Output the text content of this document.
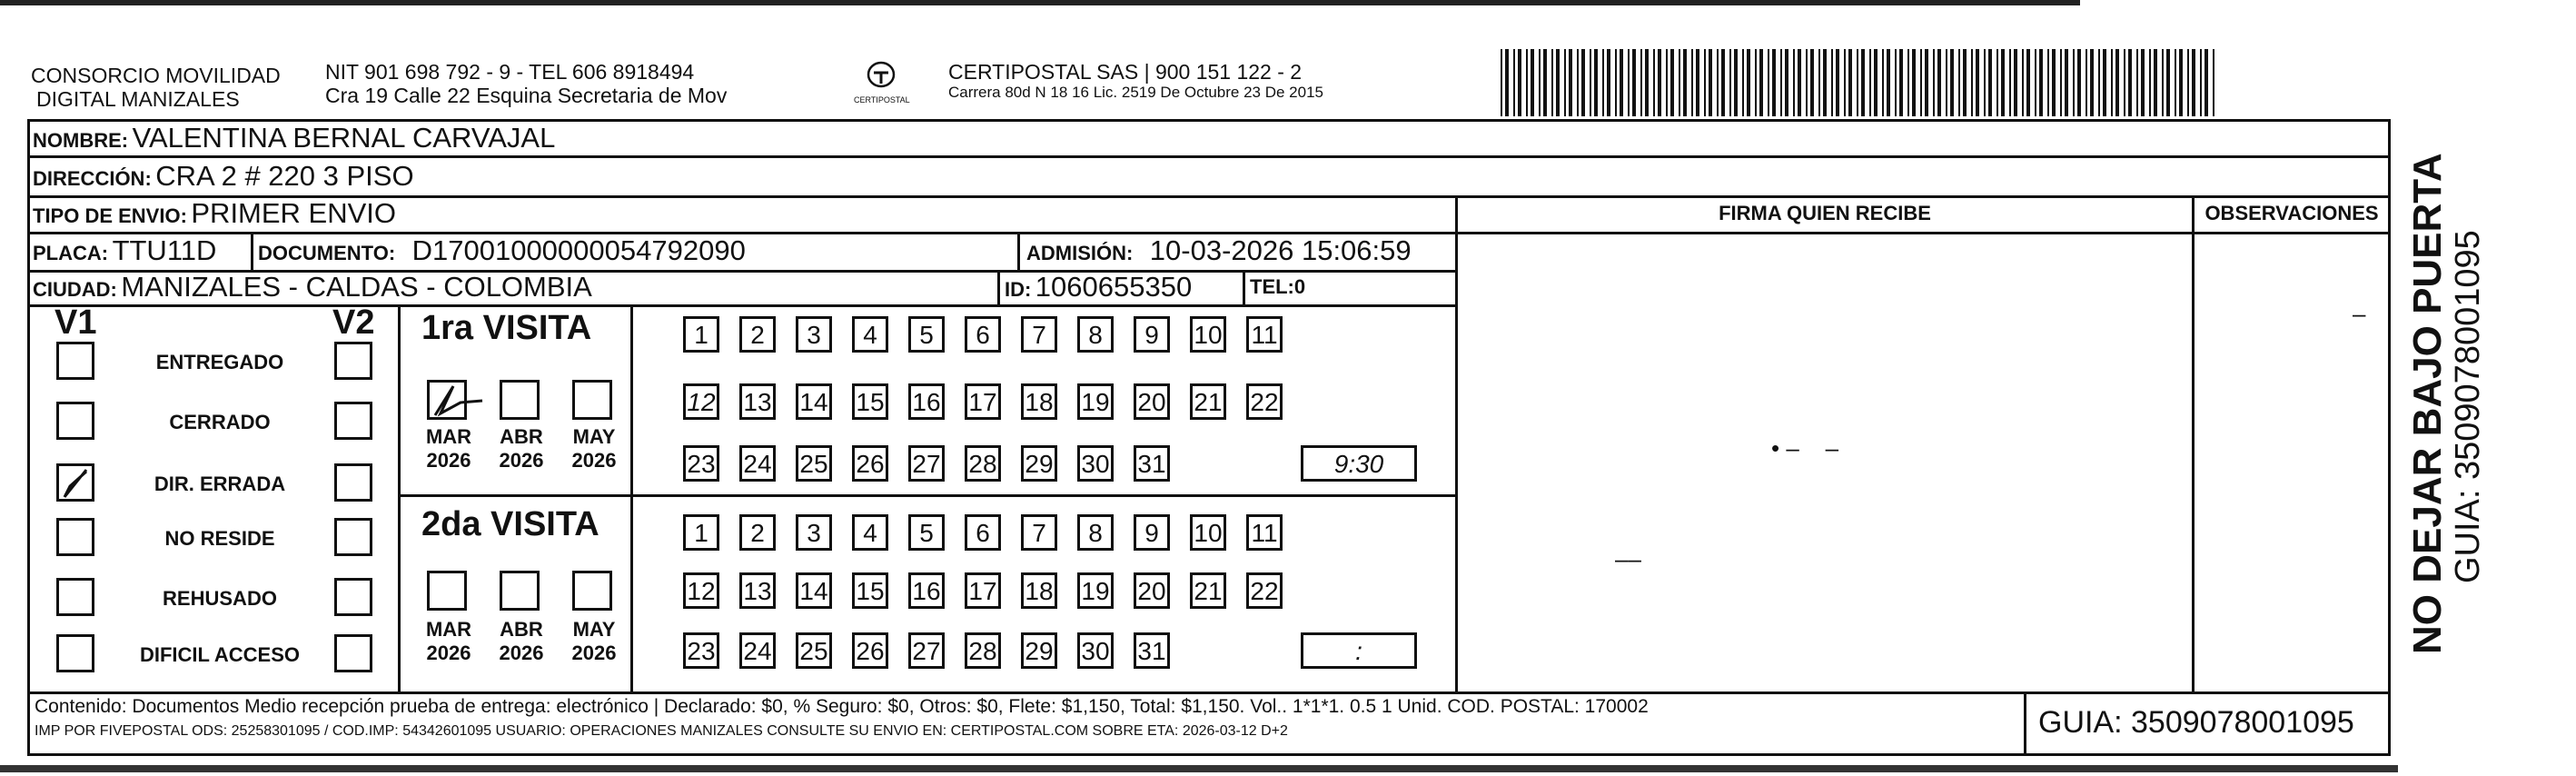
CONSORCIO MOVILIDAD
DIGITAL MANIZALES
NIT 901 698 792 - 9 - TEL 606 8918494
Cra 19 Calle 22 Esquina Secretaria de Mov	CERTIPOSTAL
CERTIPOSTAL SAS | 900 151 122 - 2
Carrera 80d N 18 16 Lic. 2519 De Octubre 23 De 2015
NOMBRE: VALENTINA BERNAL CARVAJAL
DIRECCIÓN: CRA 2 # 220 3 PISO
TIPO DE ENVIO: PRIMER ENVIO	FIRMA QUIEN RECIBE	OBSERVACIONES
PLACA: TTU11D DOCUMENTO: D17001000000054792090	ADMISIÓN: 10-03-2026 15:06:59
CIUDAD: MANIZALES - CALDAS - COLOMBIA	ID: 1060655350	TEL:0
V1	V2
ENTREGADO
CERRADO
DIR. ERRADA
NO RESIDE
REHUSADO
DIFICIL ACCESO
1ra VISITA
2da VISITA
1	2	3	4	5	6	7	8	9	10 11
12 13 14 15 16 17 18 19 20 21 22
23 24 25 26 27 28 29 30 31	9:30
1	2	3	4	5	6	7	8	9	10 11
12 13 14 15 16 17 18 19 20 21 22
23 24 25 26 27 28 29 30 31	:
MAR
2026
ABR
2026
MAY
2026
MAR
2026
ABR
2026
MAY
2026
• –    –
––
– NO DEJAR BAJO PUERTA GUIA: 3509078001095
Contenido: Documentos Medio recepción prueba de entrega: electrónico | Declarado: $0, % Seguro: $0, Otros: $0, Flete: $1,150, Total: $1,150. Vol.. 1*1*1. 0.5 1 Unid. COD. POSTAL: 170002
IMP POR FIVEPOSTAL ODS: 25258301095 / COD.IMP: 54342601095 USUARIO: OPERACIONES MANIZALES CONSULTE SU ENVIO EN: CERTIPOSTAL.COM SOBRE ETA: 2026-03-12 D+2	GUIA: 3509078001095
